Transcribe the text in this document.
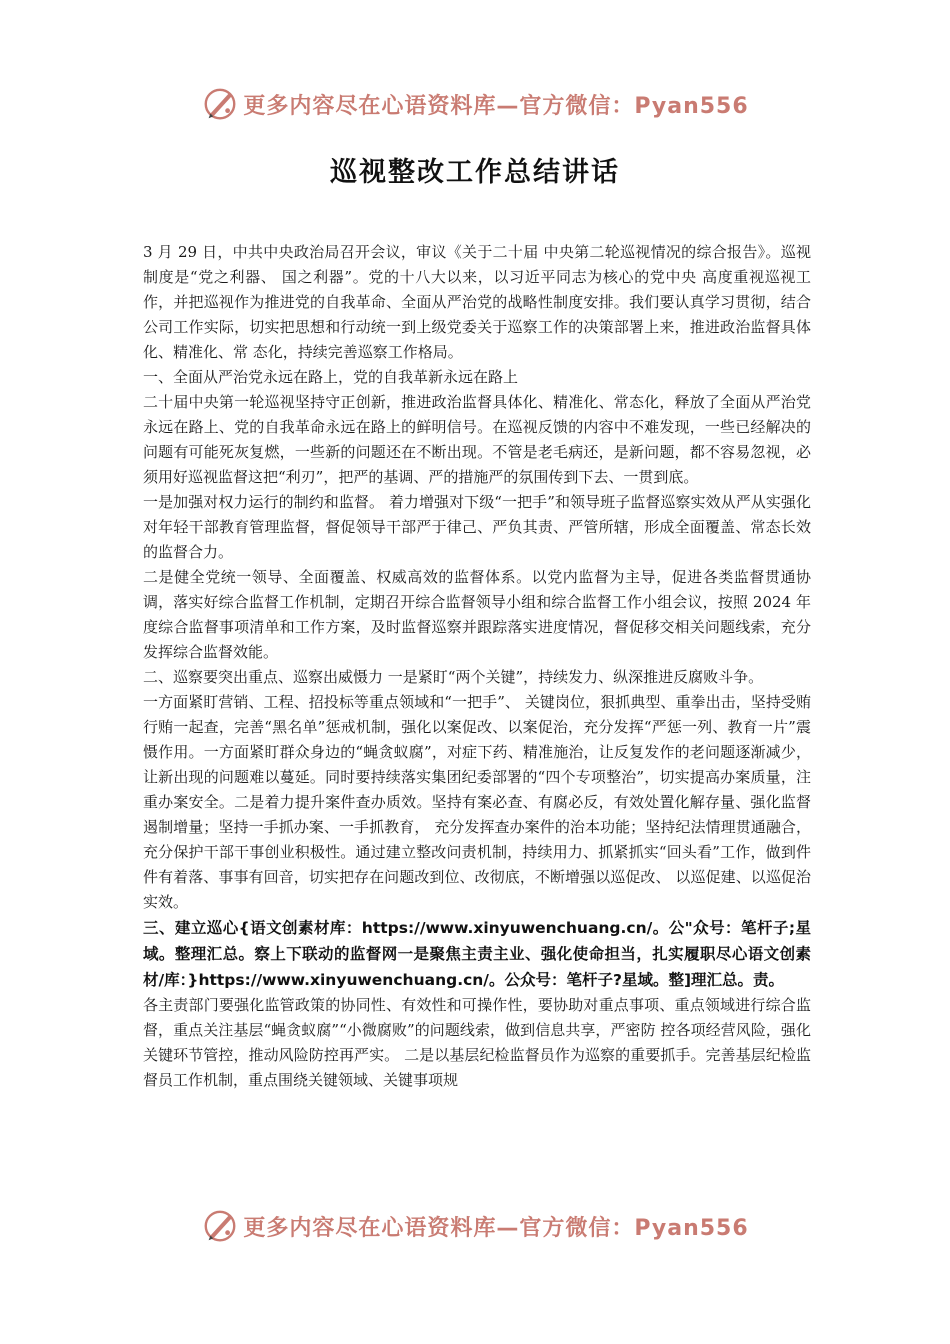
更多内容尽在心语资料库—官方微信：Pyan556
巡视整改工作总结讲话

3 月 29 日，中共中央政治局召开会议，审议《关于二十届 中央第二轮巡视情况的综合报告》。巡视制度是“党之利器、 国之利器”。党的十八大以来，以习近平同志为核心的党中央 高度重视巡视工作，并把巡视作为推进党的自我革命、全面从严治党的战略性制度安排。我们要认真学习贯彻，结合公司工作实际，切实把思想和行动统一到上级党委关于巡察工作的决策部署上来，推进政治监督具体化、精准化、常 态化，持续完善巡察工作格局。

一、全面从严治党永远在路上，党的自我革新永远在路上

二十届中央第一轮巡视坚持守正创新，推进政治监督具体化、精准化、常态化，释放了全面从严治党永远在路上、党的自我革命永远在路上的鲜明信号。在巡视反馈的内容中不难发现，一些已经解决的问题有可能死灰复燃，一些新的问题还在不断出现。不管是老毛病还，是新问题，都不容易忽视，必须用好巡视监督这把“利刃”，把严的基调、严的措施严的氛围传到下去、一贯到底。

一是加强对权力运行的制约和监督。 着力增强对下级“一把手”和领导班子监督巡察实效从严从实强化对年轻干部教育管理监督，督促领导干部严于律己、严负其责、严管所辖，形成全面覆盖、常态长效的监督合力。

二是健全党统一领导、全面覆盖、权威高效的监督体系。以党内监督为主导，促进各类监督贯通协调，落实好综合监督工作机制，定期召开综合监督领导小组和综合监督工作小组会议，按照 2024 年度综合监督事项清单和工作方案，及时监督巡察并跟踪落实进度情况，督促移交相关问题线索，充分发挥综合监督效能。

二、巡察要突出重点、巡察出威慑力 一是紧盯“两个关键”，持续发力、纵深推进反腐败斗争。

一方面紧盯营销、工程、招投标等重点领域和“一把手”、 关键岗位，狠抓典型、重拳出击，坚持受贿行贿一起查，完善“黑名单”惩戒机制，强化以案促改、以案促治，充分发挥“严惩一列、教育一片”震慑作用。一方面紧盯群众身边的“蝇贪蚁腐”，对症下药、精准施治，让反复发作的老问题逐渐减少，让新出现的问题难以蔓延。同时要持续落实集团纪委部署的“四个专项整治”，切实提高办案质量，注重办案安全。二是着力提升案件查办质效。坚持有案必查、有腐必反，有效处置化解存量、强化监督遏制增量；坚持一手抓办案、一手抓教育， 充分发挥查办案件的治本功能；坚持纪法情理贯通融合，充分保护干部干事创业积极性。通过建立整改问责机制，持续用力、抓紧抓实“回头看”工作，做到件件有着落、事事有回音，切实把存在问题改到位、改彻底，不断增强以巡促改、 以巡促建、以巡促治实效。

三、建立巡心{语文创素材库：https://www.xinyuwenchuang.cn/。公"众号：笔杆子;星域。整理汇总。察上下联动的监督网一是聚焦主责主业、强化使命担当，扎实履职尽心语文创素材/库：}https://www.xinyuwenchuang.cn/。公众号：笔杆子?星域。整]理汇总。责。

各主责部门要强化监管政策的协同性、有效性和可操作性，要协助对重点事项、重点领域进行综合监督，重点关注基层“蝇贪蚁腐”“小微腐败”的问题线索，做到信息共享，严密防 控各项经营风险，强化关键环节管控，推动风险防控再严实。 二是以基层纪检监督员作为巡察的重要抓手。完善基层纪检监督员工作机制，重点围绕关键领域、关键事项规

更多内容尽在心语资料库—官方微信：Pyan556
